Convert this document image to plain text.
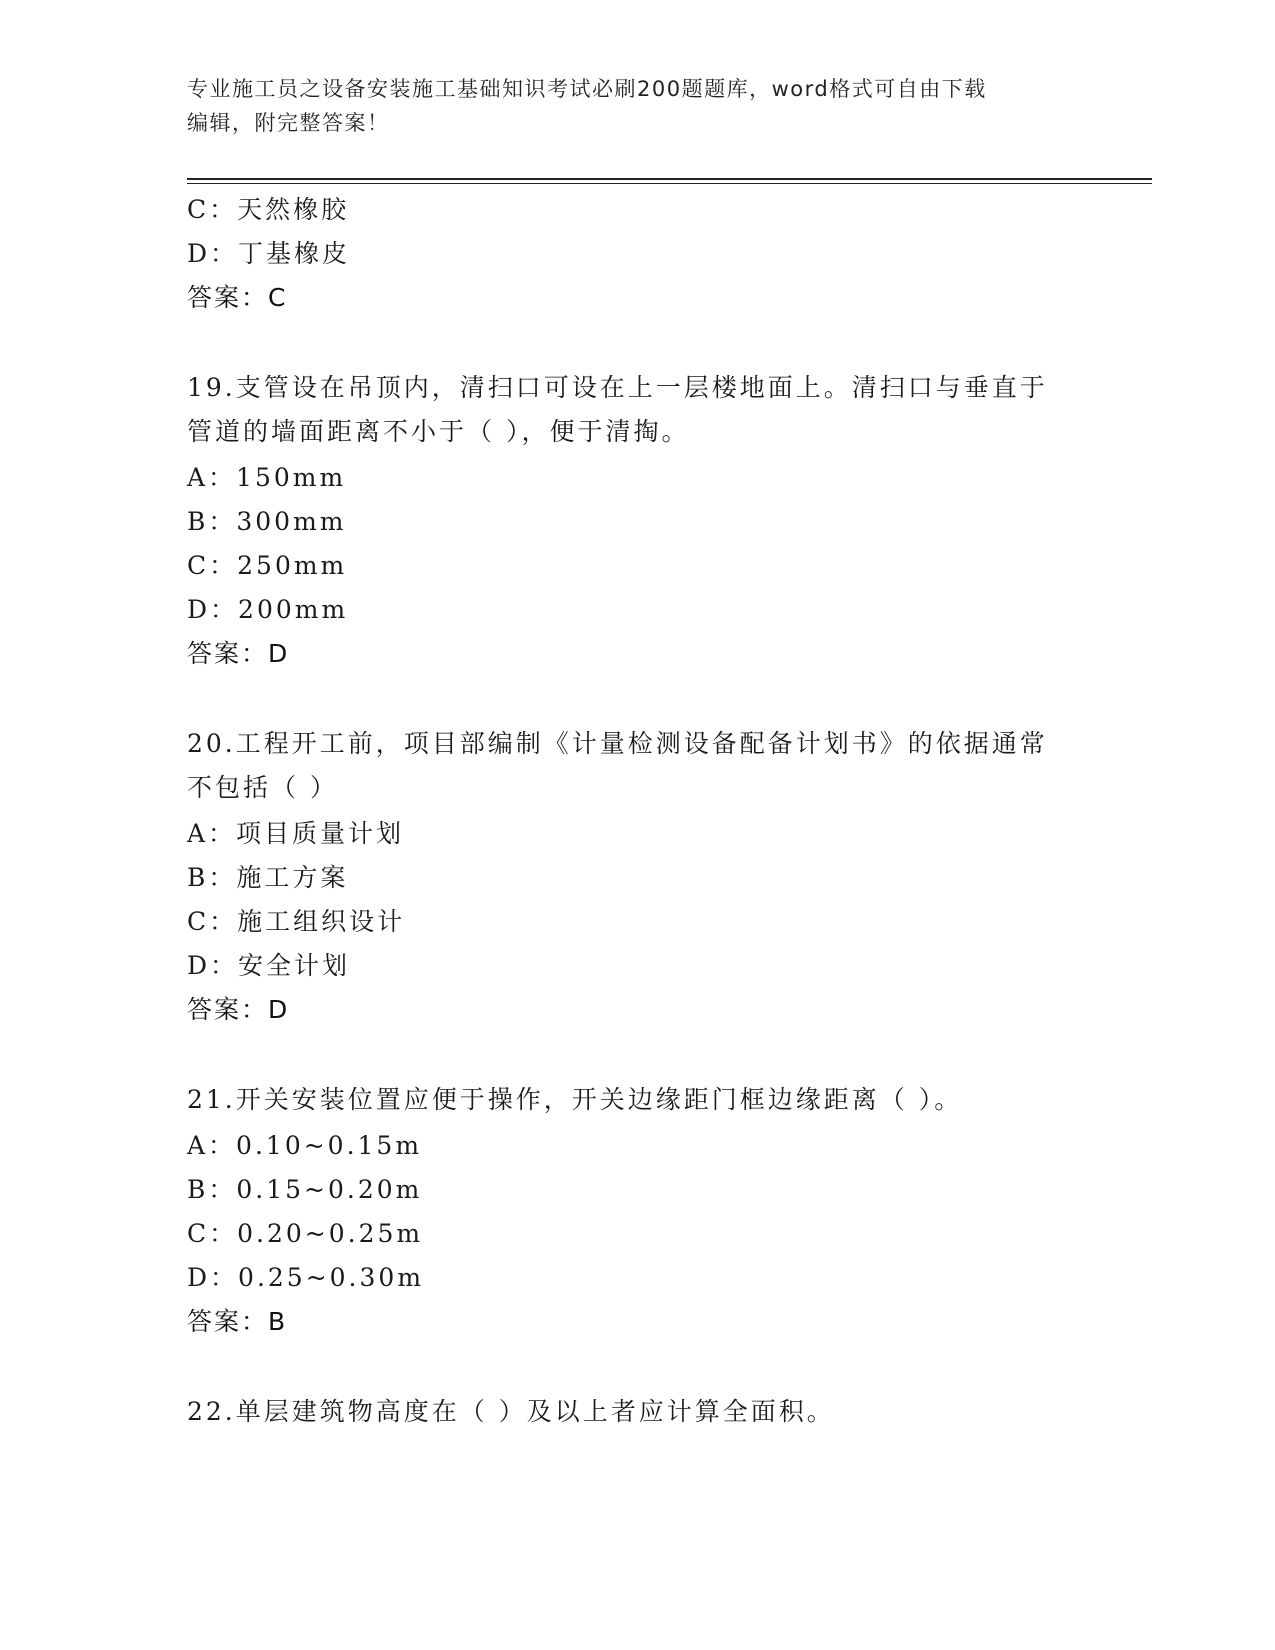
专业施工员之设备安装施工基础知识考试必刷200题题库，word格式可自由下载
编辑，附完整答案！
C：天然橡胶
D：丁基橡皮
答案：C
19.支管设在吊顶内，清扫口可设在上一层楼地面上。清扫口与垂直于
管道的墙面距离不小于（ ），便于清掏。
A：150mm
B：300mm
C：250mm
D：200mm
答案：D
20.工程开工前，项目部编制《计量检测设备配备计划书》的依据通常
不包括（ ）
A：项目质量计划
B：施工方案
C：施工组织设计
D：安全计划
答案：D
21.开关安装位置应便于操作，开关边缘距门框边缘距离（ ）。
A：0.10~0.15m
B：0.15~0.20m
C：0.20~0.25m
D：0.25~0.30m
答案：B
22.单层建筑物高度在（ ）及以上者应计算全面积。
